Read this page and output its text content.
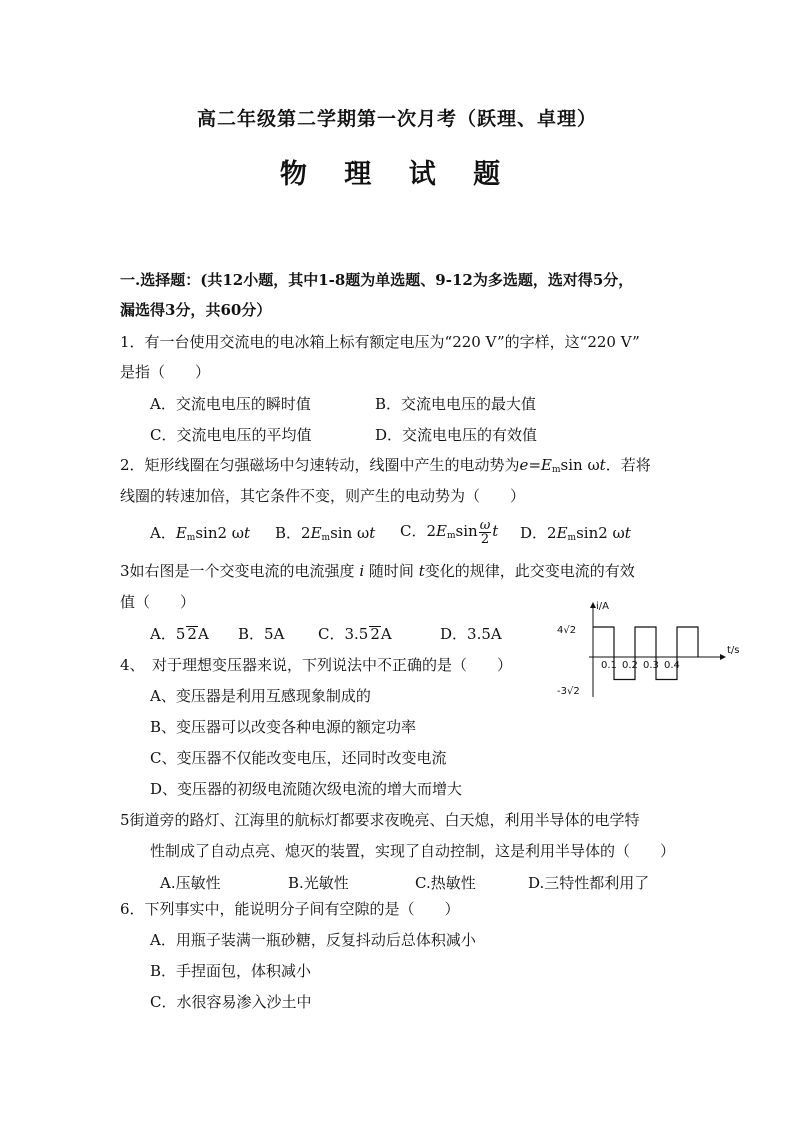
高二年级第二学期第一次月考（跃理、卓理）
物 理 试 题
一.选择题：(共12小题，其中1-8题为单选题、9-12为多选题，选对得5分，
漏选得3分，共60分）
1．有一台使用交流电的电冰箱上标有额定电压为“220 V”的字样，这“220 V”
是指（　　）
A．交流电电压的瞬时值	B．交流电电压的最大值
C．交流电电压的平均值	D．交流电电压的有效值
2．矩形线圈在匀强磁场中匀速转动，线圈中产生的电动势为$e=E_m\sin$ ωt．若将
线圈的转速加倍，其它条件不变，则产生的电动势为（　　）
A．$E_m\sin 2$ ωt B．$2E_m\sin$ ωt C．$2E_m\sin \frac{\omega}{2}$ t D．$2E_m\sin 2$ ωt
3如右图是一个交变电流的电流强度 i 随时间 t变化的规律，此交变电流的有效
值（　　）
A．5 2A B．5A C．3.5 2A	D．3.5A
i/A
t/s
4√2
-3√2
0.1 0.2 0.3 0.4
4、　对于理想变压器来说，下列说法中不正确的是（　　）
A、变压器是利用互感现象制成的
B、变压器可以改变各种电源的额定功率
C、变压器不仅能改变电压，还同时改变电流
D、变压器的初级电流随次级电流的增大而增大
5街道旁的路灯、江海里的航标灯都要求夜晚亮、白天熄，利用半导体的电学特
性制成了自动点亮、熄灭的装置，实现了自动控制，这是利用半导体的（　　）
A.压敏性	B.光敏性	C.热敏性	D.三特性都利用了
6．下列事实中，能说明分子间有空隙的是（　　）
A．用瓶子装满一瓶砂糖，反复抖动后总体积减小
B．手捏面包，体积减小
C．水很容易渗入沙土中
